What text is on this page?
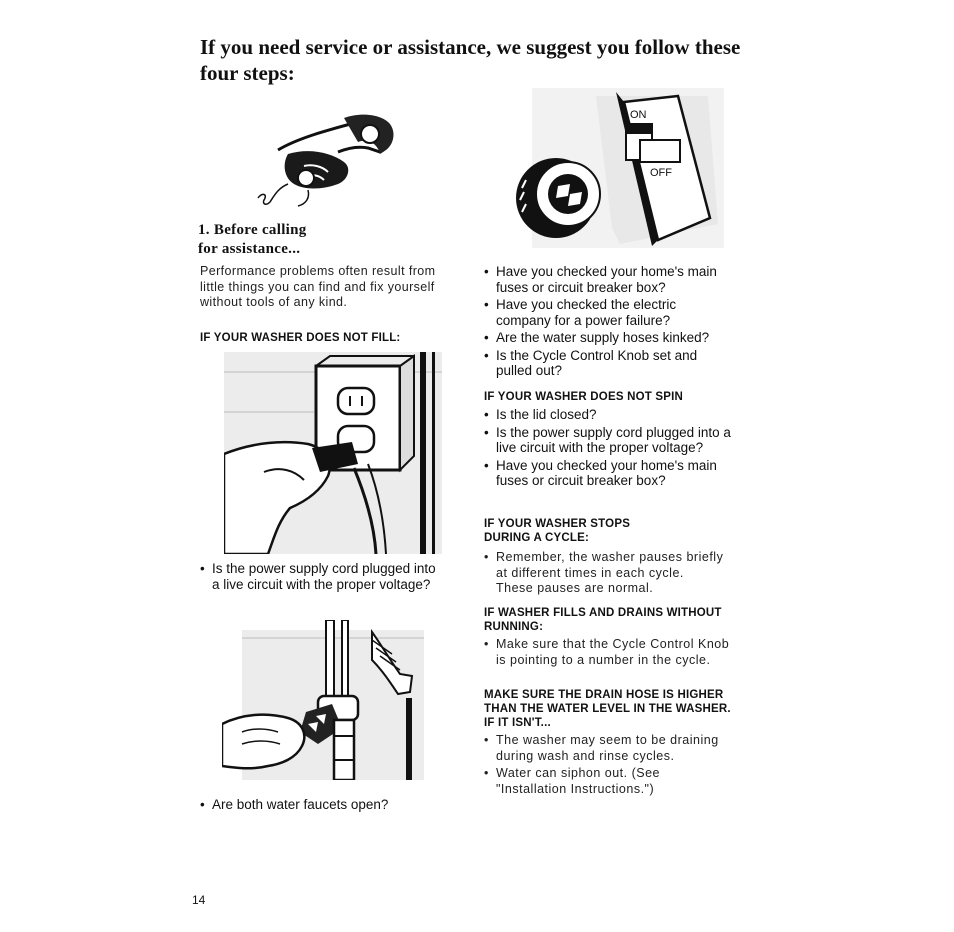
If you need service or assistance, we suggest you follow these four steps:
1. Before calling
for assistance...

Performance problems often result from little things you can find and fix yourself without tools of any kind.

IF YOUR WASHER DOES NOT FILL:
• Is the power supply cord plugged into a live circuit with the proper voltage?
• Are both water faucets open?
ON
OFF
• Have you checked your home's main fuses or circuit breaker box?
• Have you checked the electric company for a power failure?
• Are the water supply hoses kinked?
• Is the Cycle Control Knob set and pulled out?
IF YOUR WASHER DOES NOT SPIN
• Is the lid closed?
• Is the power supply cord plugged into a live circuit with the proper voltage?
• Have you checked your home's main fuses or circuit breaker box?
IF YOUR WASHER STOPS DURING A CYCLE:
• Remember, the washer pauses briefly at different times in each cycle. These pauses are normal.
IF WASHER FILLS AND DRAINS WITHOUT RUNNING:
• Make sure that the Cycle Control Knob is pointing to a number in the cycle.
MAKE SURE THE DRAIN HOSE IS HIGHER THAN THE WATER LEVEL IN THE WASHER. IF IT ISN'T...
• The washer may seem to be draining during wash and rinse cycles.
• Water can siphon out. (See "Installation Instructions.")
14
